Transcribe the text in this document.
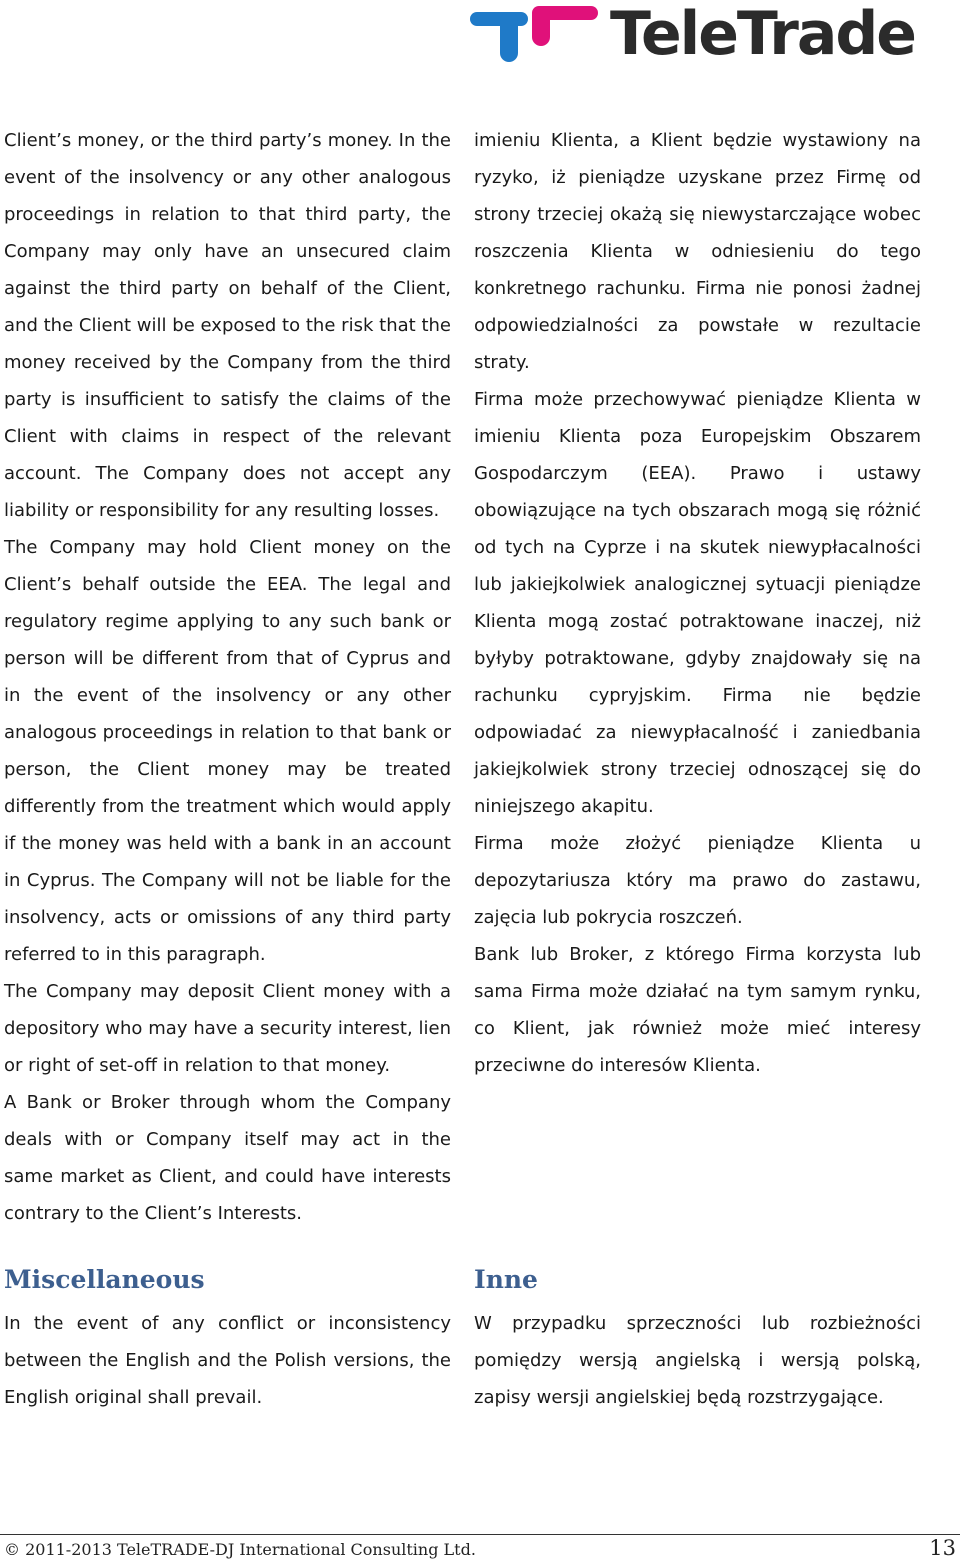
TeleTrade

Client’s money, or the third party’s money. In the event of the insolvency or any other analogous proceedings in relation to that third party, the Company may only have an unsecured claim against the third party on behalf of the Client, and the Client will be exposed to the risk that the money received by the Company from the third party is insufficient to satisfy the claims of the Client with claims in respect of the relevant account. The Company does not accept any liability or responsibility for any resulting losses.

The Company may hold Client money on the Client’s behalf outside the EEA. The legal and regulatory regime applying to any such bank or person will be different from that of Cyprus and in the event of the insolvency or any other analogous proceedings in relation to that bank or person, the Client money may be treated differently from the treatment which would apply if the money was held with a bank in an account in Cyprus. The Company will not be liable for the insolvency, acts or omissions of any third party referred to in this paragraph.

The Company may deposit Client money with a depository who may have a security interest, lien or right of set-off in relation to that money.

A Bank or Broker through whom the Company deals with or Company itself may act in the same market as Client, and could have interests contrary to the Client’s Interests.

imieniu Klienta, a Klient będzie wystawiony na ryzyko, iż pieniądze uzyskane przez Firmę od strony trzeciej okażą się niewystarczające wobec roszczenia Klienta w odniesieniu do tego konkretnego rachunku. Firma nie ponosi żadnej odpowiedzialności za powstałe w rezultacie straty.

Firma może przechowywać pieniądze Klienta w imieniu Klienta poza Europejskim Obszarem Gospodarczym (EEA). Prawo i ustawy obowiązujące na tych obszarach mogą się różnić od tych na Cyprze i na skutek niewypłacalności lub jakiejkolwiek analogicznej sytuacji pieniądze Klienta mogą zostać potraktowane inaczej, niż byłyby potraktowane, gdyby znajdowały się na rachunku cypryjskim. Firma nie będzie odpowiadać za niewypłacalność i zaniedbania jakiejkolwiek strony trzeciej odnoszącej się do niniejszego akapitu.

Firma może złożyć pieniądze Klienta u depozytariusza który ma prawo do zastawu, zajęcia lub pokrycia roszczeń.

Bank lub Broker, z którego Firma korzysta lub sama Firma może działać na tym samym rynku, co Klient, jak również może mieć interesy przeciwne do interesów Klienta.

Miscellaneous

In the event of any conflict or inconsistency between the English and the Polish versions, the English original shall prevail.

Inne

W przypadku sprzeczności lub rozbieżności pomiędzy wersją angielską i wersją polską, zapisy wersji angielskiej będą rozstrzygające.

© 2011-2013 TeleTRADE-DJ International Consulting Ltd.	13
